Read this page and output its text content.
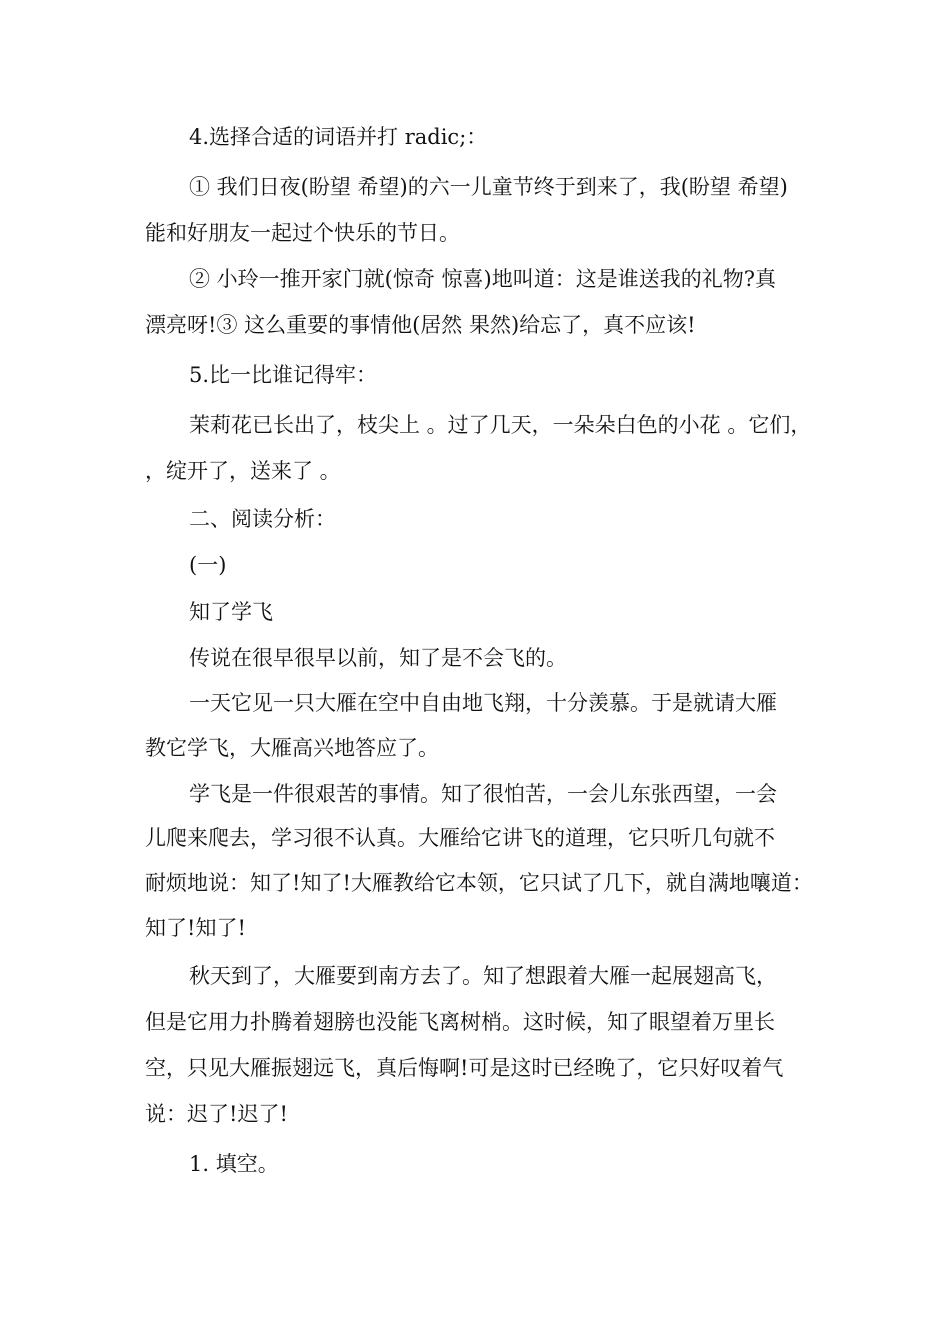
4.选择合适的词语并打 radic;：
① 我们日夜(盼望 希望)的六一儿童节终于到来了，我(盼望 希望)
能和好朋友一起过个快乐的节日。
② 小玲一推开家门就(惊奇 惊喜)地叫道：这是谁送我的礼物?真
漂亮呀!③ 这么重要的事情他(居然 果然)给忘了，真不应该!
5.比一比谁记得牢：
茉莉花已长出了，枝尖上 。过了几天，一朵朵白色的小花 。它们，
，绽开了，送来了 。
二、阅读分析：
(一)
知了学飞
传说在很早很早以前，知了是不会飞的。
一天它见一只大雁在空中自由地飞翔，十分羡慕。于是就请大雁
教它学飞，大雁高兴地答应了。
学飞是一件很艰苦的事情。知了很怕苦，一会儿东张西望，一会
儿爬来爬去，学习很不认真。大雁给它讲飞的道理，它只听几句就不
耐烦地说：知了!知了!大雁教给它本领，它只试了几下，就自满地嚷道：
知了!知了!
秋天到了，大雁要到南方去了。知了想跟着大雁一起展翅高飞，
但是它用力扑腾着翅膀也没能飞离树梢。这时候，知了眼望着万里长
空，只见大雁振翅远飞，真后悔啊!可是这时已经晚了，它只好叹着气
说：迟了!迟了!
1. 填空。
